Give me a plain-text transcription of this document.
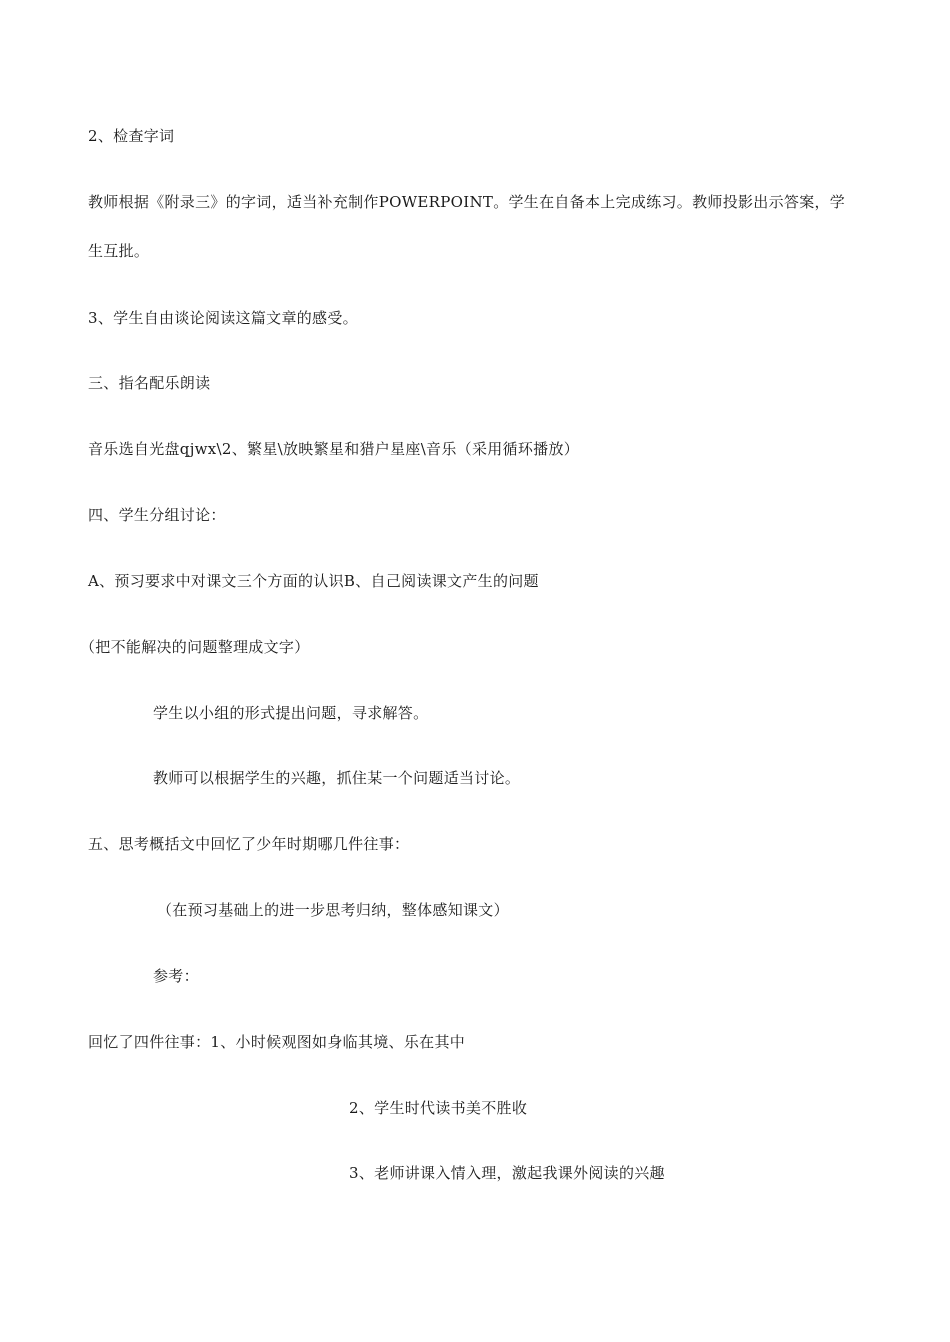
2、检查字词
教师根据《附录三》的字词，适当补充制作POWERPOINT。学生在自备本上完成练习。教师投影出示答案，学
生互批。
3、学生自由谈论阅读这篇文章的感受。
三、指名配乐朗读
音乐选自光盘qjwx\2、繁星\放映繁星和猎户星座\音乐（采用循环播放）
四、学生分组讨论：
A、预习要求中对课文三个方面的认识B、自己阅读课文产生的问题
（把不能解决的问题整理成文字）
学生以小组的形式提出问题，寻求解答。
教师可以根据学生的兴趣，抓住某一个问题适当讨论。
五、思考概括文中回忆了少年时期哪几件往事：
（在预习基础上的进一步思考归纳，整体感知课文）
参考：
回忆了四件往事：1、小时候观图如身临其境、乐在其中
2、学生时代读书美不胜收
3、老师讲课入情入理，激起我课外阅读的兴趣
